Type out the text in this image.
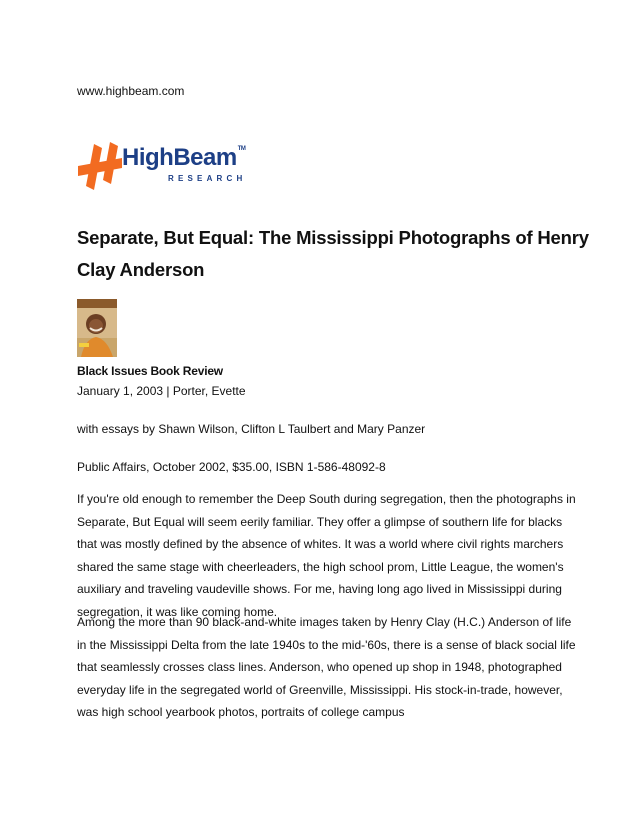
www.highbeam.com
HighBeam™
RESEARCH
Separate, But Equal: The Mississippi Photographs of Henry Clay Anderson
Black Issues Book Review
January 1, 2003 | Porter, Evette
with essays by Shawn Wilson, Clifton L Taulbert and Mary Panzer
Public Affairs, October 2002, $35.00, ISBN 1-586-48092-8

If you're old enough to remember the Deep South during segregation, then the photographs in Separate, But Equal will seem eerily familiar. They offer a glimpse of southern life for blacks that was mostly defined by the absence of whites. It was a world where civil rights marchers shared the same stage with cheerleaders, the high school prom, Little League, the women's auxiliary and traveling vaudeville shows. For me, having long ago lived in Mississippi during segregation, it was like coming home.

Among the more than 90 black-and-white images taken by Henry Clay (H.C.) Anderson of life in the Mississippi Delta from the late 1940s to the mid-'60s, there is a sense of black social life that seamlessly crosses class lines. Anderson, who opened up shop in 1948, photographed everyday life in the segregated world of Greenville, Mississippi. His stock-in-trade, however, was high school yearbook photos, portraits of college campus
